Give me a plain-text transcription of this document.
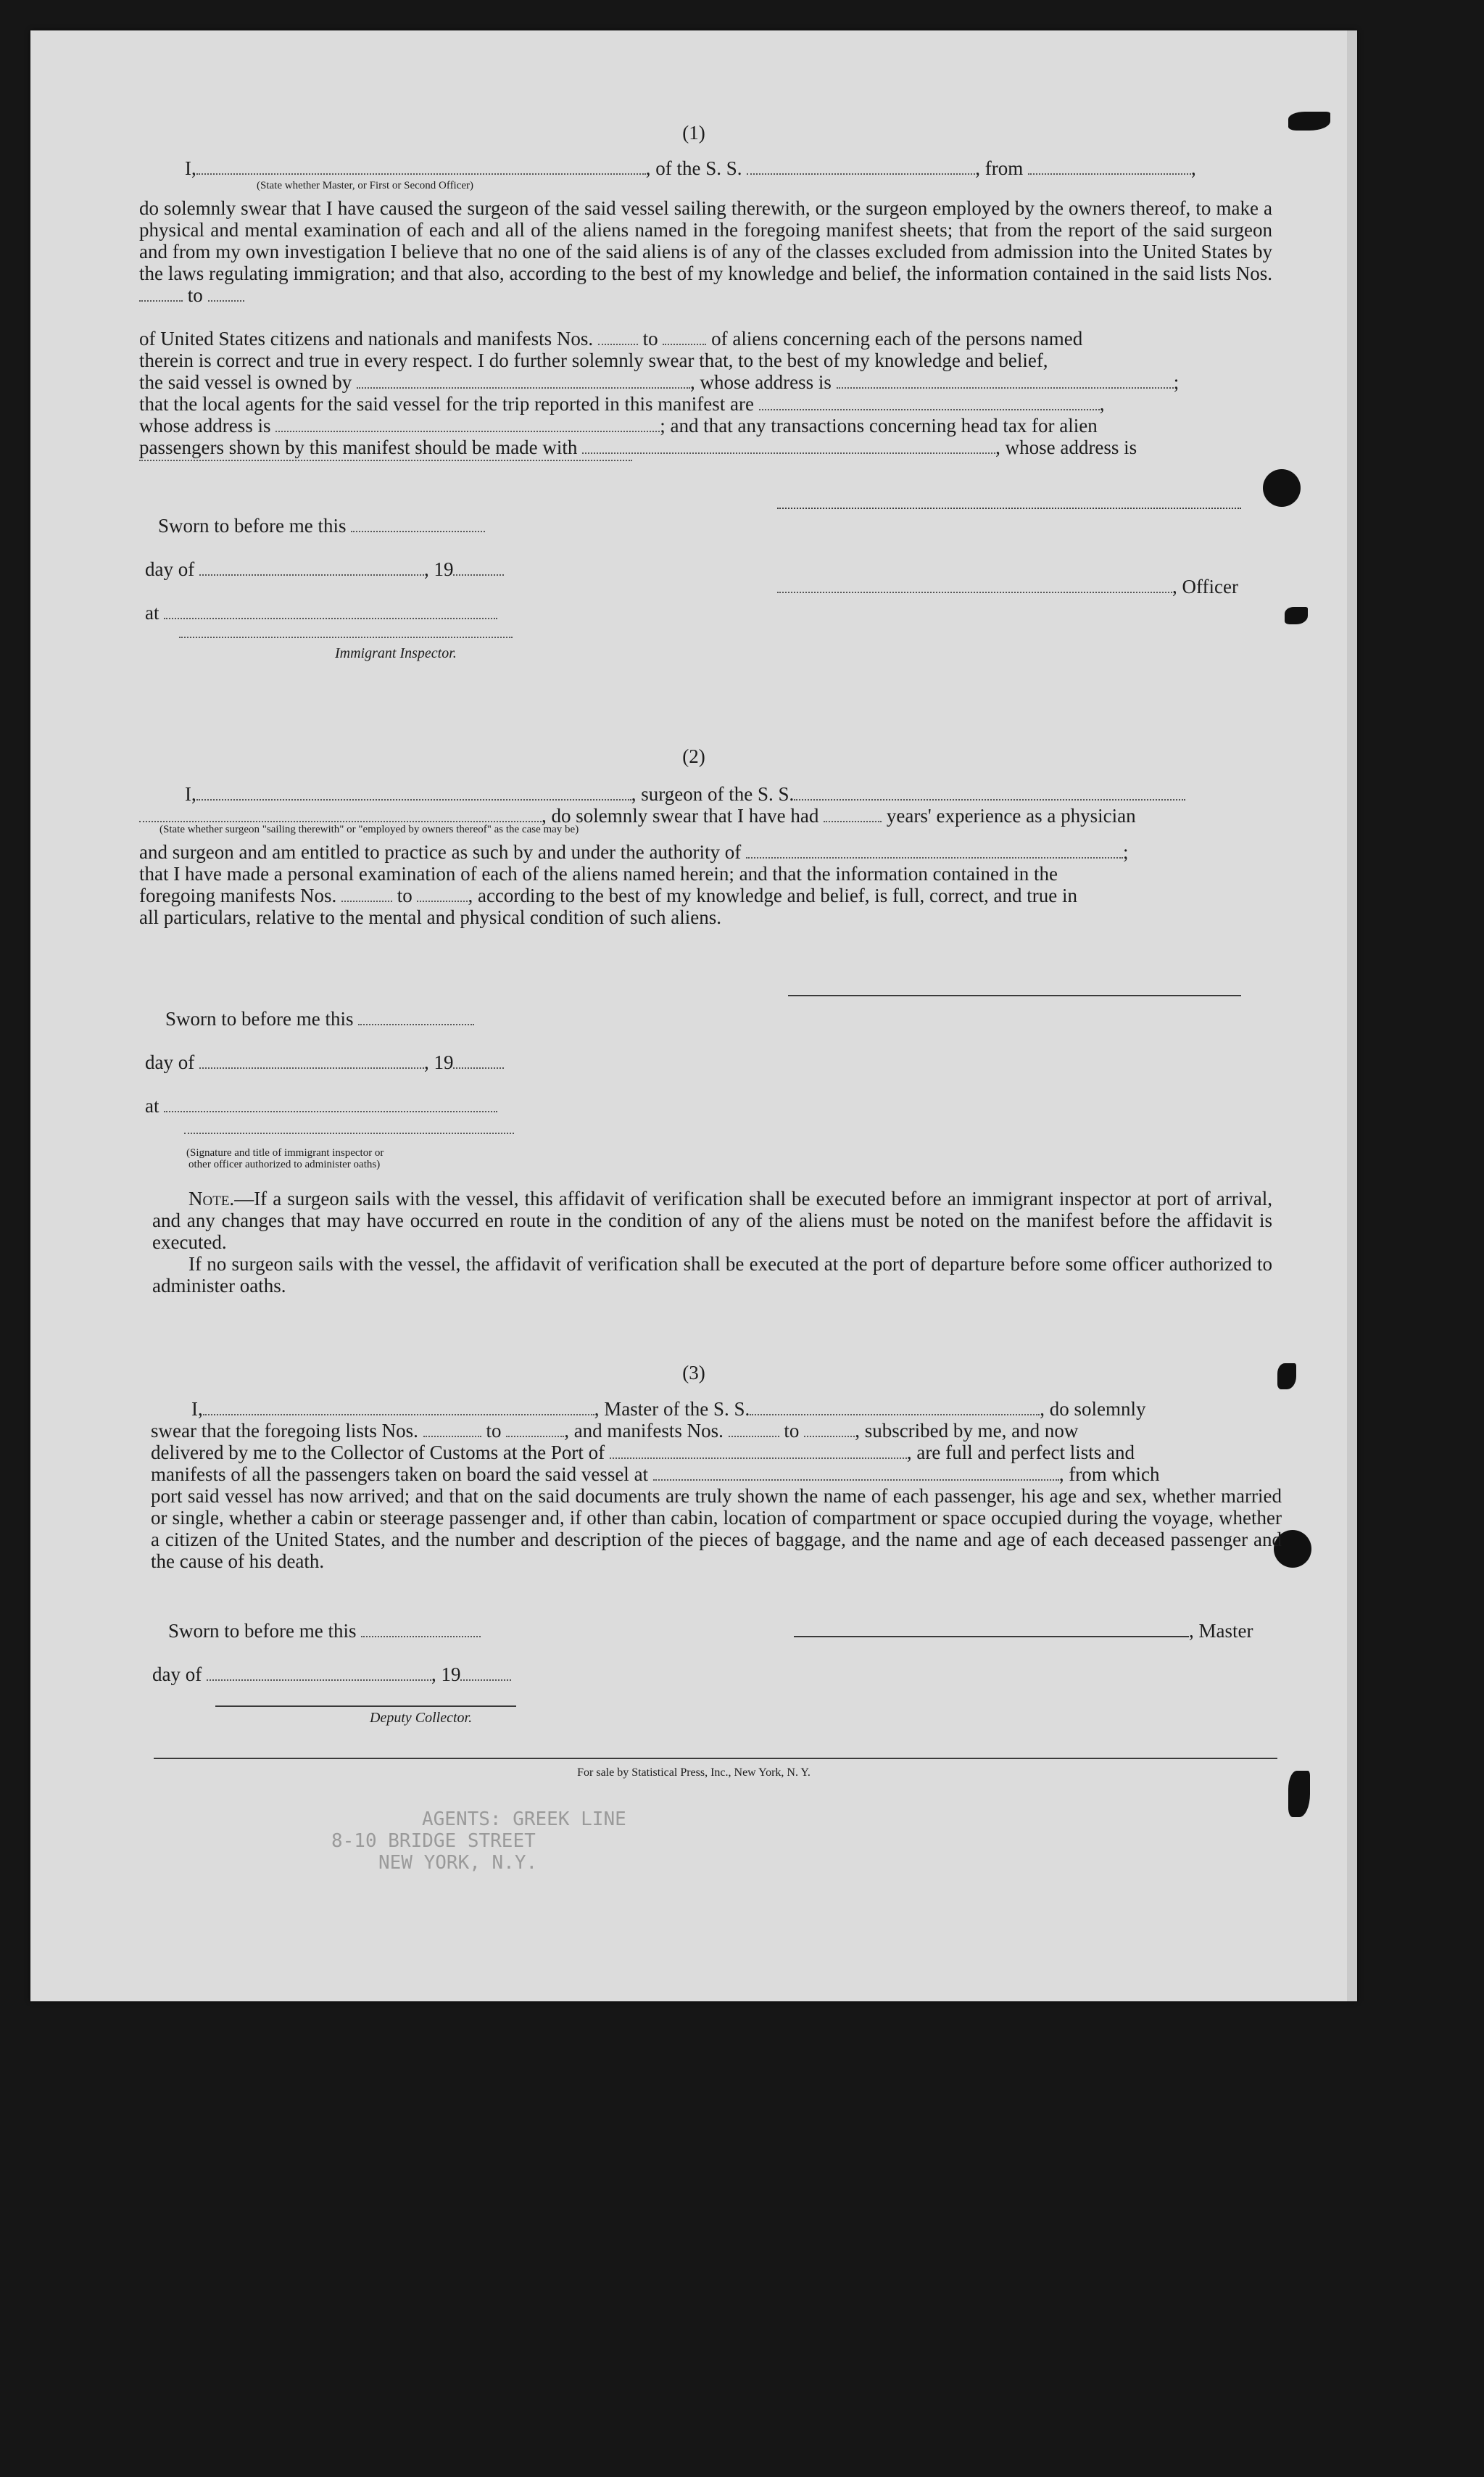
(1)
I,	, of the S. S.	, from	,
(State whether Master, or First or Second Officer)
do solemnly swear that I have caused the surgeon of the said vessel sailing therewith, or the surgeon employed by the owners thereof, to make a physical and mental examination of each and all of the aliens named in the foregoing manifest sheets; that from the report of the said surgeon and from my own investigation I believe that no one of the said aliens is of any of the classes excluded from admission into the United States by the laws regulating immigration; and that also, according to the best of my knowledge and belief, the information contained in the said lists Nos.  to
of United States citizens and nationals and manifests Nos.	to	of aliens concerning each of the persons named
therein is correct and true in every respect. I do further solemnly swear that, to the best of my knowledge and belief,
the said vessel is owned by	, whose address is	;
that the local agents for the said vessel for the trip reported in this manifest are	,
whose address is	; and that any transactions concerning head tax for alien
passengers shown by this manifest should be made with	, whose address is
Sworn to before me this
day of	, 19
, Officer
at
Immigrant Inspector.
(2)
I,	, surgeon of the S. S.
, do solemnly swear that I have had	years' experience as a physician
(State whether surgeon "sailing therewith" or "employed by owners thereof" as the case may be)
and surgeon and am entitled to practice as such by and under the authority of	;
that I have made a personal examination of each of the aliens named herein; and that the information contained in the
foregoing manifests Nos.	to	, according to the best of my knowledge and belief, is full, correct, and true in
all particulars, relative to the mental and physical condition of such aliens.
Sworn to before me this
day of	, 19
at
(Signature and title of immigrant inspector or
other officer authorized to administer oaths)
Note.—If a surgeon sails with the vessel, this affidavit of verification shall be executed before an immigrant inspector at port of arrival, and any changes that may have occurred en route in the condition of any of the aliens must be noted on the manifest before the affidavit is executed.
If no surgeon sails with the vessel, the affidavit of verification shall be executed at the port of departure before some officer authorized to administer oaths.
(3)
I,	, Master of the S. S.	, do solemnly
swear that the foregoing lists Nos.	to	, and manifests Nos.	to	, subscribed by me, and now
delivered by me to the Collector of Customs at the Port of	, are full and perfect lists and
manifests of all the passengers taken on board the said vessel at	, from which
port said vessel has now arrived; and that on the said documents are truly shown the name of each passenger, his age and sex, whether married or single, whether a cabin or steerage passenger and, if other than cabin, location of compartment or space occupied during the voyage, whether a citizen of the United States, and the number and description of the pieces of baggage, and the name and age of each deceased passenger and the cause of his death.
Sworn to before me this	, Master
day of	, 19
Deputy Collector.
For sale by Statistical Press, Inc., New York, N. Y.
AGENTS: GREEK LINE
8-10 BRIDGE STREET
NEW YORK, N.Y.
